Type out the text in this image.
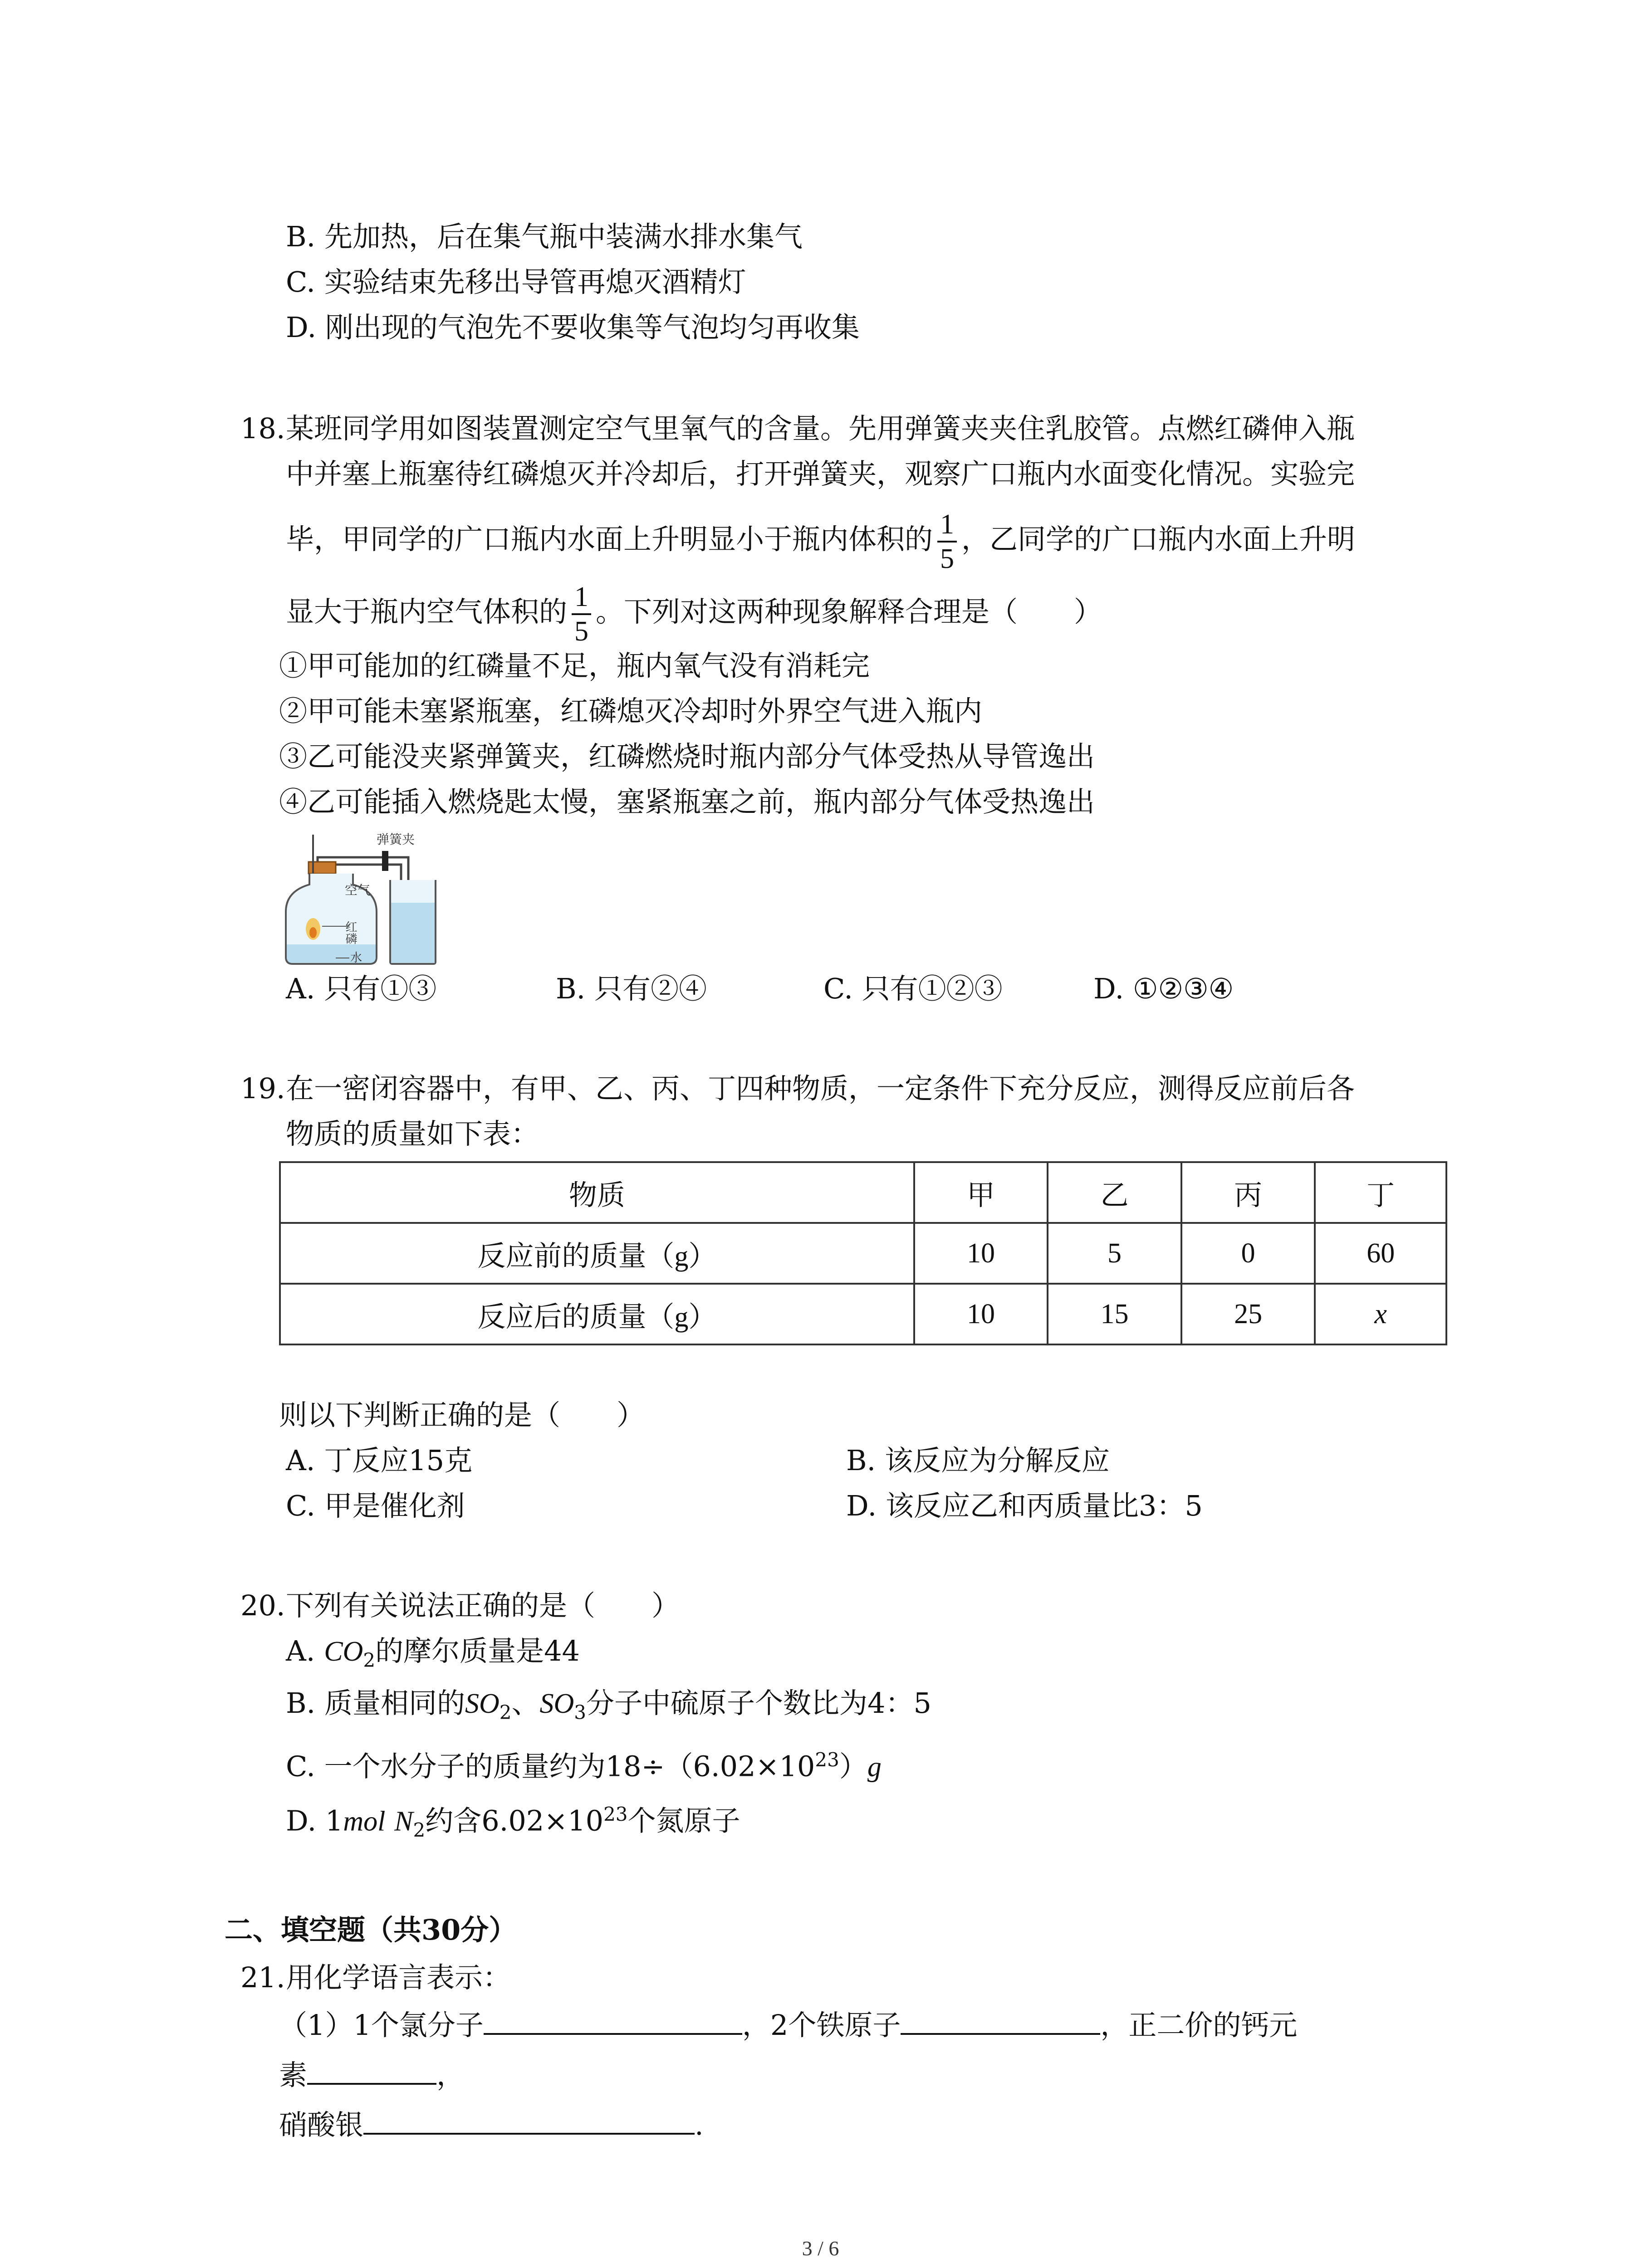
B. 先加热，后在集气瓶中装满水排水集气
C. 实验结束先移出导管再熄灭酒精灯
D. 刚出现的气泡先不要收集等气泡均匀再收集
18.某班同学用如图装置测定空气里氧气的含量。先用弹簧夹夹住乳胶管。点燃红磷伸入瓶
中并塞上瓶塞待红磷熄灭并冷却后，打开弹簧夹，观察广口瓶内水面变化情况。实验完
毕，甲同学的广口瓶内水面上升明显小于瓶内体积的 $\frac{1}{5}$ ，乙同学的广口瓶内水面上升明
显大于瓶内空气体积的 $\frac{1}{5}$ 。下列对这两种现象解释合理是（　　）
①甲可能加的红磷量不足，瓶内氧气没有消耗完
②甲可能未塞紧瓶塞，红磷熄灭冷却时外界空气进入瓶内
③乙可能没夹紧弹簧夹，红磷燃烧时瓶内部分气体受热从导管逸出
④乙可能插入燃烧匙太慢，塞紧瓶塞之前，瓶内部分气体受热逸出
弹簧夹
空气
红磷
水
A. 只有①③	B. 只有②④	C. 只有①②③	D. ①②③④
19.在一密闭容器中，有甲、乙、丙、丁四种物质，一定条件下充分反应，测得反应前后各
物质的质量如下表：
物质	甲	乙	丙	丁
反应前的质量（g）	10	5	0	60
反应后的质量（g）	10	15	25	x
则以下判断正确的是（　　）
A. 丁反应15克	B. 该反应为分解反应
C. 甲是催化剂	D. 该反应乙和丙质量比3：5
20.下列有关说法正确的是（　　）
A. $CO_2$的摩尔质量是44
B. 质量相同的$SO_2$、$SO_3$分子中硫原子个数比为4：5
C. 一个水分子的质量约为$18\div(6.02\times 10^{23})g$
D. 1mol $N_2$约含$6.02\times 10^{23}$个氮原子
二、填空题（共30分）
21.用化学语言表示：
（1）1个氯分子	，2个铁原子	，正二价的钙元
素	，
硝酸银	.
3 / 6
